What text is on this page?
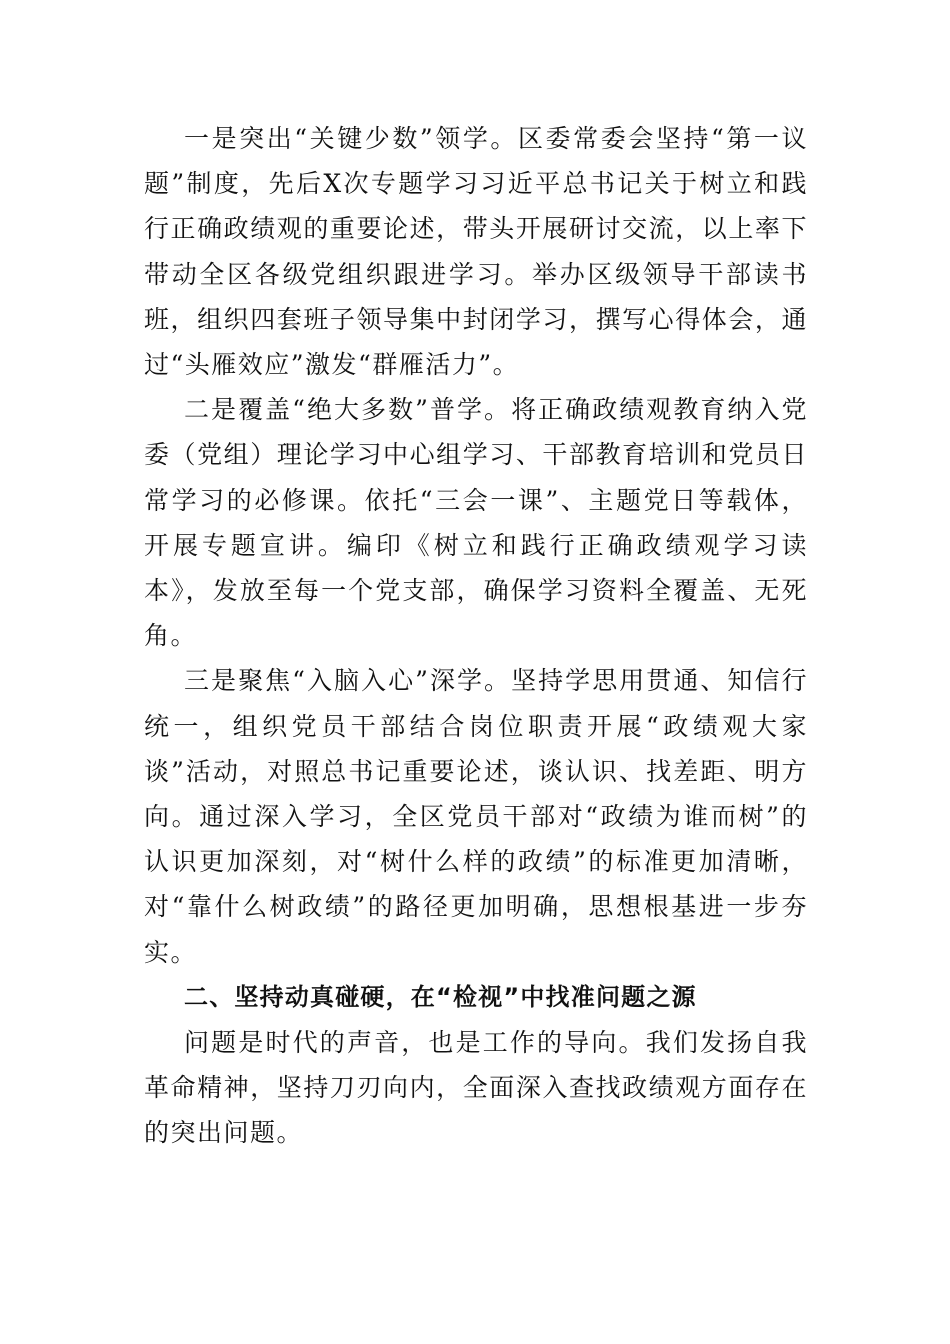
一是突出“关键少数”领学。区委常委会坚持“第一议题”制度，先后X次专题学习习近平总书记关于树立和践行正确政绩观的重要论述，带头开展研讨交流，以上率下带动全区各级党组织跟进学习。举办区级领导干部读书班，组织四套班子领导集中封闭学习，撰写心得体会，通过“头雁效应”激发“群雁活力”。

二是覆盖“绝大多数”普学。将正确政绩观教育纳入党委（党组）理论学习中心组学习、干部教育培训和党员日常学习的必修课。依托“三会一课”、主题党日等载体，开展专题宣讲。编印《树立和践行正确政绩观学习读本》，发放至每一个党支部，确保学习资料全覆盖、无死角。

三是聚焦“入脑入心”深学。坚持学思用贯通、知信行统一，组织党员干部结合岗位职责开展“政绩观大家谈”活动，对照总书记重要论述，谈认识、找差距、明方向。通过深入学习，全区党员干部对“政绩为谁而树”的认识更加深刻，对“树什么样的政绩”的标准更加清晰，对“靠什么树政绩”的路径更加明确，思想根基进一步夯实。

二、坚持动真碰硬，在“检视”中找准问题之源

问题是时代的声音，也是工作的导向。我们发扬自我革命精神，坚持刀刃向内，全面深入查找政绩观方面存在的突出问题。
